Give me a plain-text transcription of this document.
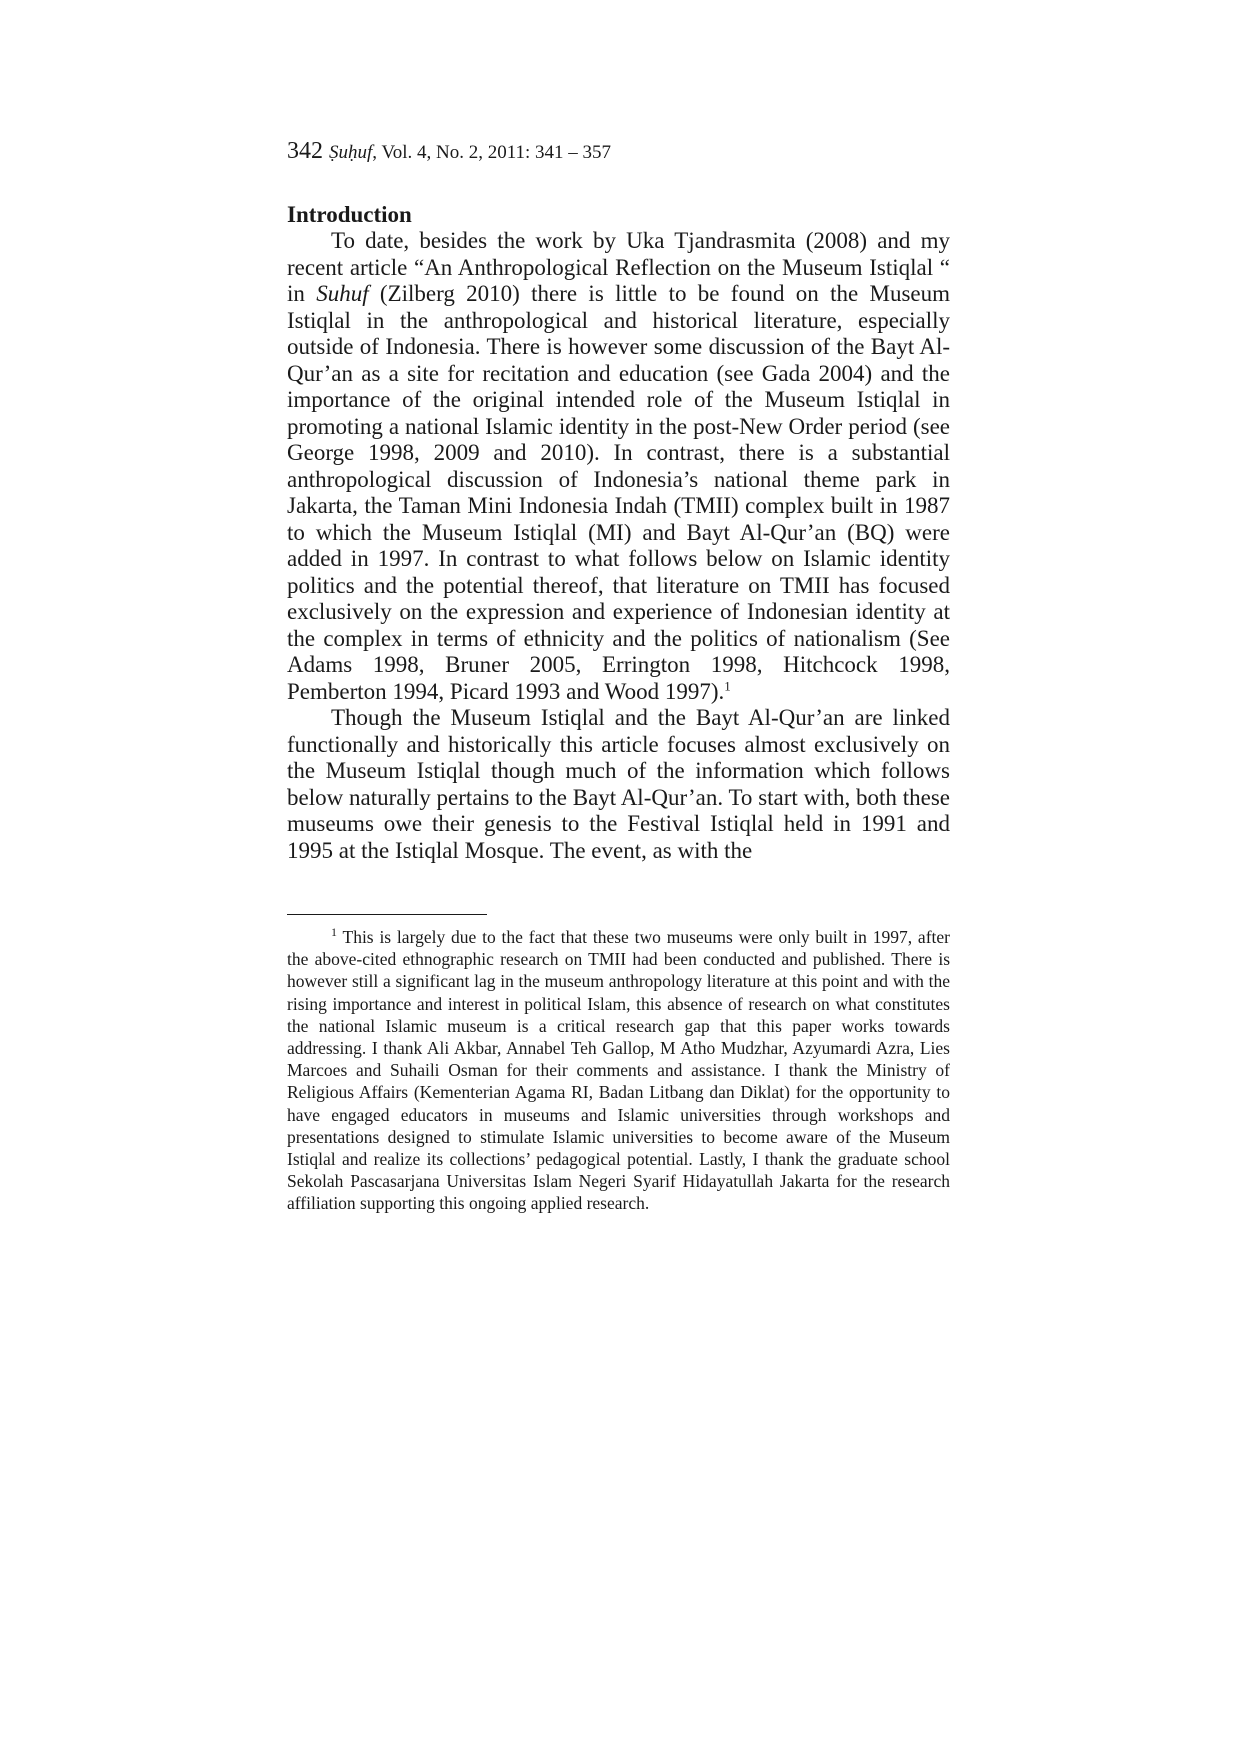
342 Ṣuḥuf, Vol. 4, No. 2, 2011: 341 – 357
Introduction

To date, besides the work by Uka Tjandrasmita (2008) and my recent article “An Anthropological Reflection on the Museum Istiqlal “ in Suhuf (Zilberg 2010) there is little to be found on the Museum Istiqlal in the anthropological and historical literature, especially outside of Indonesia. There is however some discussion of the Bayt Al-Qur’an as a site for recitation and education (see Gada 2004) and the importance of the original intended role of the Museum Istiqlal in promoting a national Islamic identity in the post-New Order period (see George 1998, 2009 and 2010). In contrast, there is a substantial anthropological discussion of Indonesia’s national theme park in Jakarta, the Taman Mini Indonesia Indah (TMII) complex built in 1987 to which the Museum Istiqlal (MI) and Bayt Al-Qur’an (BQ) were added in 1997. In contrast to what follows below on Islamic identity politics and the potential thereof, that literature on TMII has focused exclusively on the expression and experience of Indonesian identity at the complex in terms of ethnicity and the politics of nationalism (See Adams 1998, Bruner 2005, Errington 1998, Hitchcock 1998, Pemberton 1994, Picard 1993 and Wood 1997).$^1$

Though the Museum Istiqlal and the Bayt Al-Qur’an are linked functionally and historically this article focuses almost exclusively on the Museum Istiqlal though much of the information which follows below naturally pertains to the Bayt Al-Qur’an. To start with, both these museums owe their genesis to the Festival Istiqlal held in 1991 and 1995 at the Istiqlal Mosque. The event, as with the

$^1$ This is largely due to the fact that these two museums were only built in 1997, after the above-cited ethnographic research on TMII had been conducted and published. There is however still a significant lag in the museum anthropology literature at this point and with the rising importance and interest in political Islam, this absence of research on what constitutes the national Islamic museum is a critical research gap that this paper works towards addressing. I thank Ali Akbar, Annabel Teh Gallop, M Atho Mudzhar, Azyumardi Azra, Lies Marcoes and Suhaili Osman for their comments and assistance. I thank the Ministry of Religious Affairs (Kementerian Agama RI, Badan Litbang dan Diklat) for the opportunity to have engaged educators in museums and Islamic universities through workshops and presentations designed to stimulate Islamic universities to become aware of the Museum Istiqlal and realize its collections’ pedagogical potential. Lastly, I thank the graduate school Sekolah Pascasarjana Universitas Islam Negeri Syarif Hidayatullah Jakarta for the research affiliation supporting this ongoing applied research.
